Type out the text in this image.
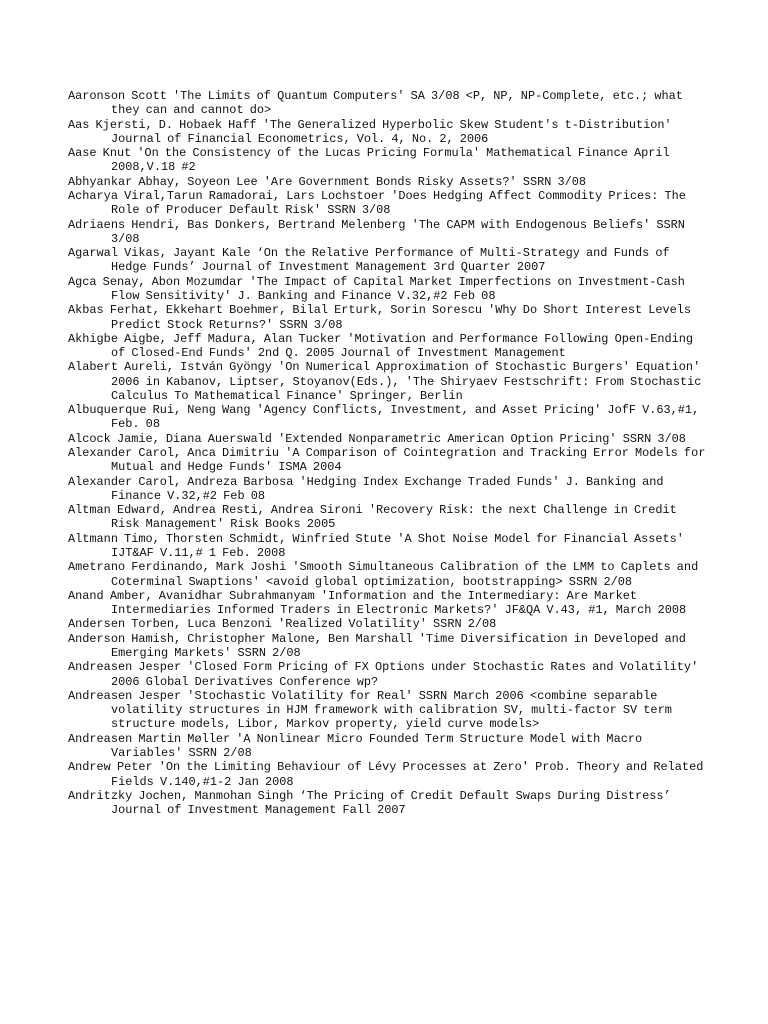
Aaronson Scott 'The Limits of Quantum Computers' SA 3/08 <P, NP, NP-Complete, etc.; what they can and cannot do>

Aas Kjersti, D. Hobaek Haff 'The Generalized Hyperbolic Skew Student's t-Distribution' Journal of Financial Econometrics, Vol. 4, No. 2, 2006

Aase Knut 'On the Consistency of the Lucas Pricing Formula' Mathematical Finance April 2008,V.18 #2

Abhyankar Abhay, Soyeon Lee 'Are Government Bonds Risky Assets?' SSRN 3/08

Acharya Viral,Tarun Ramadorai, Lars Lochstoer 'Does Hedging Affect Commodity Prices: The Role of Producer Default Risk' SSRN 3/08

Adriaens Hendri, Bas Donkers, Bertrand Melenberg 'The CAPM with Endogenous Beliefs' SSRN 3/08

Agarwal Vikas, Jayant Kale ‘On the Relative Performance of Multi-Strategy and Funds of Hedge Funds’ Journal of Investment Management 3rd Quarter 2007

Agca Senay, Abon Mozumdar 'The Impact of Capital Market Imperfections on Investment-Cash Flow Sensitivity' J. Banking and Finance V.32,#2 Feb 08

Akbas Ferhat, Ekkehart Boehmer, Bilal Erturk, Sorin Sorescu 'Why Do Short Interest Levels Predict Stock Returns?' SSRN 3/08

Akhigbe Aigbe, Jeff Madura, Alan Tucker 'Motivation and Performance Following Open-Ending of Closed-End Funds' 2nd Q. 2005 Journal of Investment Management

Alabert Aureli, István Gyöngy 'On Numerical Approximation of Stochastic Burgers' Equation' 2006 in Kabanov, Liptser, Stoyanov(Eds.), 'The Shiryaev Festschrift: From Stochastic Calculus To Mathematical Finance' Springer, Berlin

Albuquerque Rui, Neng Wang 'Agency Conflicts, Investment, and Asset Pricing' JofF V.63,#1, Feb. 08

Alcock Jamie, Diana Auerswald 'Extended Nonparametric American Option Pricing' SSRN 3/08

Alexander Carol, Anca Dimitriu 'A Comparison of Cointegration and Tracking Error Models for Mutual and Hedge Funds' ISMA 2004

Alexander Carol, Andreza Barbosa 'Hedging Index Exchange Traded Funds' J. Banking and Finance V.32,#2 Feb 08

Altman Edward, Andrea Resti, Andrea Sironi 'Recovery Risk: the next Challenge in Credit Risk Management' Risk Books 2005

Altmann Timo, Thorsten Schmidt, Winfried Stute 'A Shot Noise Model for Financial Assets' IJT&AF V.11,# 1 Feb. 2008

Ametrano Ferdinando, Mark Joshi 'Smooth Simultaneous Calibration of the LMM to Caplets and Coterminal Swaptions' <avoid global optimization, bootstrapping> SSRN 2/08

Anand Amber, Avanidhar Subrahmanyam 'Information and the Intermediary: Are Market Intermediaries Informed Traders in Electronic Markets?' JF&QA V.43, #1, March 2008

Andersen Torben, Luca Benzoni 'Realized Volatility' SSRN 2/08

Anderson Hamish, Christopher Malone, Ben Marshall 'Time Diversification in Developed and Emerging Markets' SSRN 2/08

Andreasen Jesper 'Closed Form Pricing of FX Options under Stochastic Rates and Volatility' 2006 Global Derivatives Conference wp?

Andreasen Jesper 'Stochastic Volatility for Real' SSRN March 2006 <combine separable volatility structures in HJM framework with calibration SV, multi-factor SV term structure models, Libor, Markov property, yield curve models>

Andreasen Martin Møller 'A Nonlinear Micro Founded Term Structure Model with Macro Variables' SSRN 2/08

Andrew Peter 'On the Limiting Behaviour of Lévy Processes at Zero' Prob. Theory and Related Fields V.140,#1-2 Jan 2008

Andritzky Jochen, Manmohan Singh ‘The Pricing of Credit Default Swaps During Distress’ Journal of Investment Management Fall 2007
